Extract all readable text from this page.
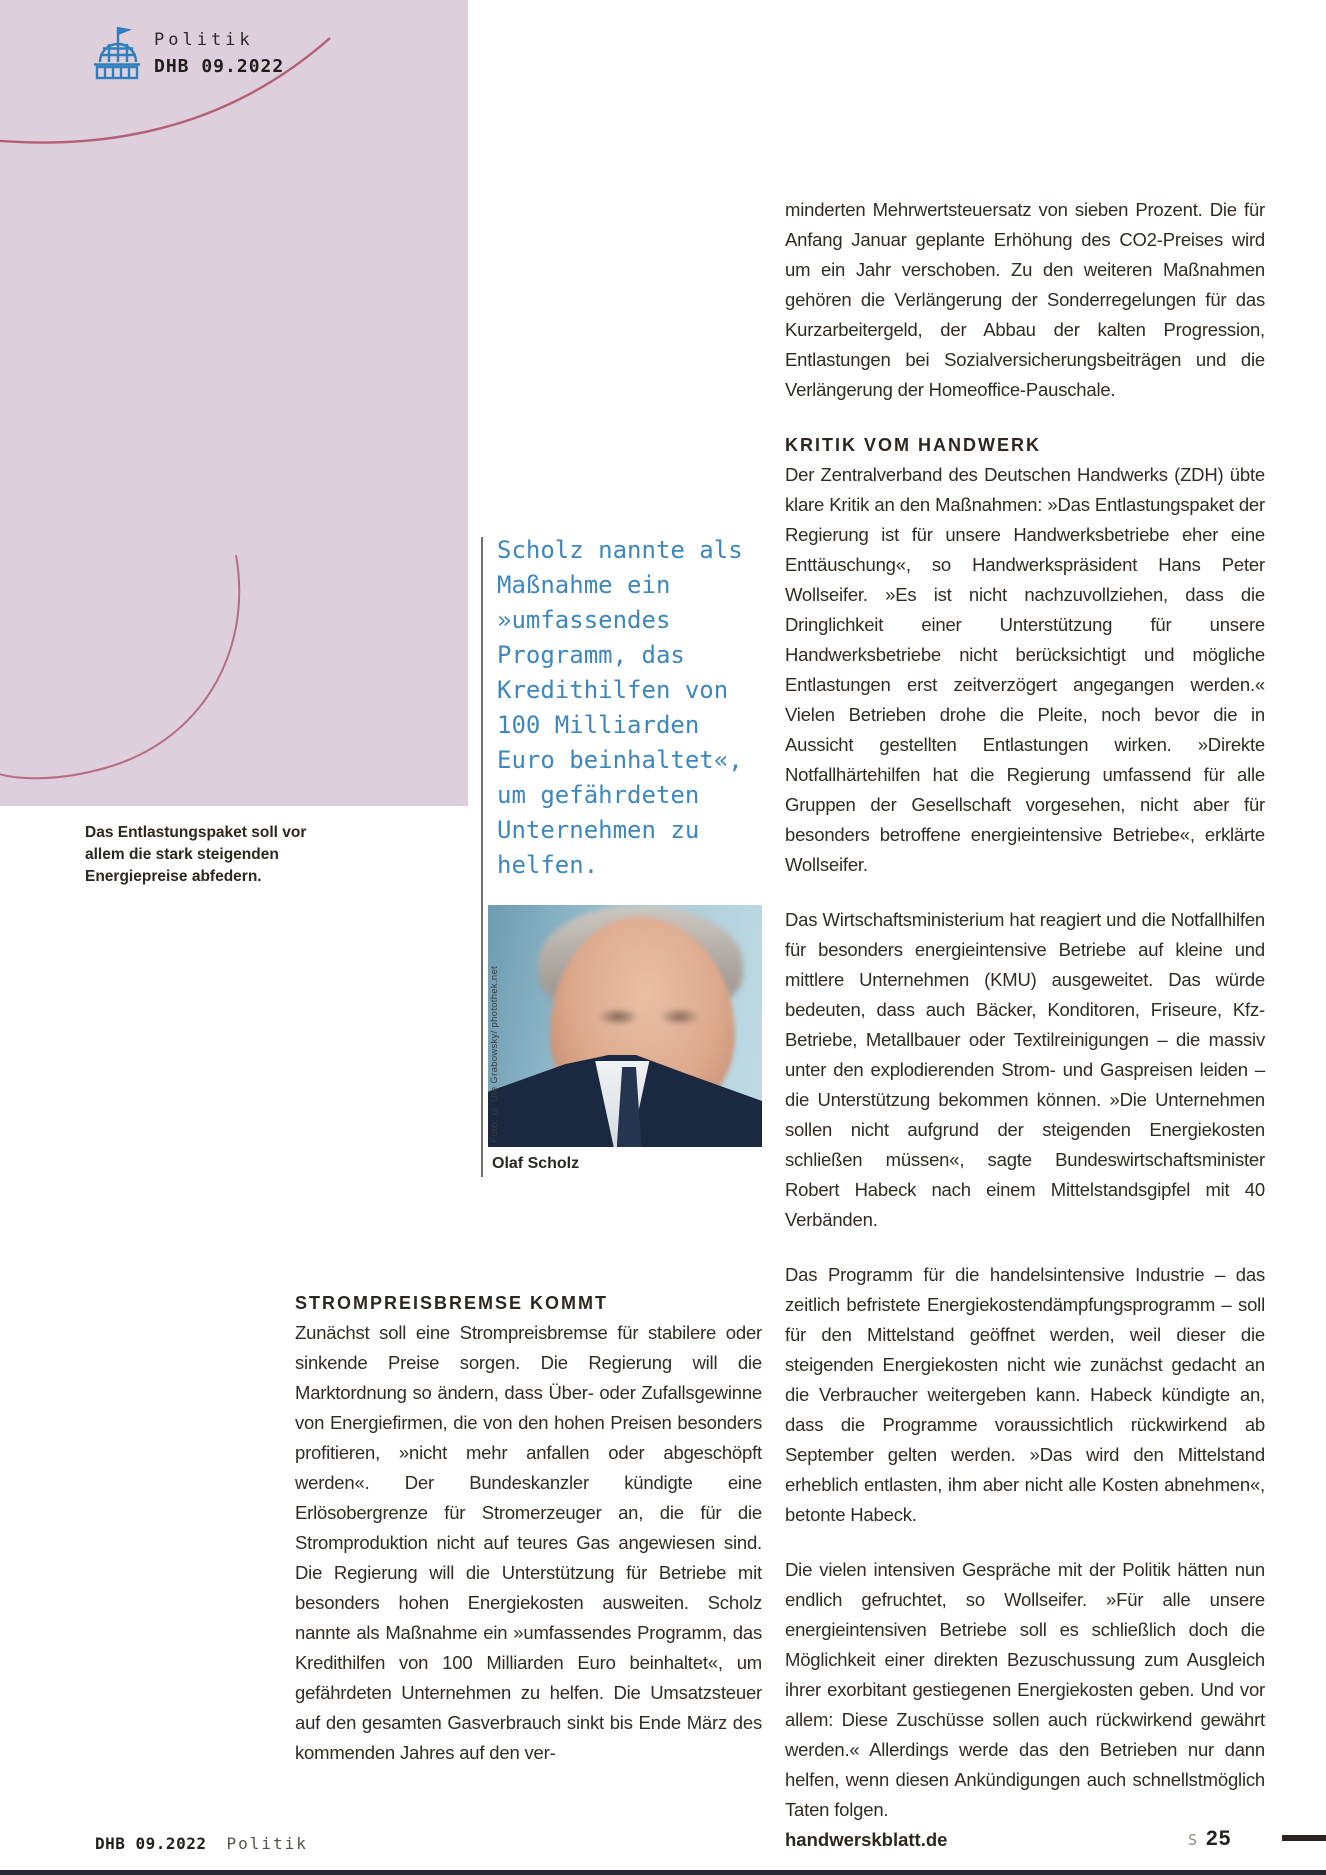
Politik
DHB 09.2022
Das Entlastungspaket soll vor allem die stark steigenden Energiepreise abfedern.
Scholz nannte als Maßnahme ein »umfassendes Programm, das Kredithilfen von 100 Milliarden Euro beinhaltet«, um gefährdeten Unternehmen zu helfen.
Foto: © Ute Grabowsky/ photothek.net
Olaf Scholz
STROMPREISBREMSE KOMMT

Zunächst soll eine Strompreisbremse für stabilere oder sinkende Preise sorgen. Die Regierung will die Marktordnung so ändern, dass Über- oder Zufallsgewinne von Energiefirmen, die von den hohen Preisen besonders profitieren, »nicht mehr anfallen oder abgeschöpft werden«. Der Bundeskanzler kündigte eine Erlösobergrenze für Stromerzeuger an, die für die Stromproduktion nicht auf teures Gas angewiesen sind. Die Regierung will die Unterstützung für Betriebe mit besonders hohen Energiekosten ausweiten. Scholz nannte als Maßnahme ein »umfassendes Programm, das Kredithilfen von 100 Milliarden Euro beinhaltet«, um gefährdeten Unternehmen zu helfen. Die Umsatzsteuer auf den gesamten Gasverbrauch sinkt bis Ende März des kommenden Jahres auf den ver-

minderten Mehrwertsteuersatz von sieben Prozent. Die für Anfang Januar geplante Erhöhung des CO2-Preises wird um ein Jahr verschoben. Zu den weiteren Maßnahmen gehören die Verlängerung der Sonderregelungen für das Kurzarbeitergeld, der Abbau der kalten Progression, Entlastungen bei Sozialversicherungsbeiträgen und die Verlängerung der Homeoffice-Pauschale.

KRITIK VOM HANDWERK

Der Zentralverband des Deutschen Handwerks (ZDH) übte klare Kritik an den Maßnahmen: »Das Entlastungspaket der Regierung ist für unsere Handwerksbetriebe eher eine Enttäuschung«, so Handwerkspräsident Hans Peter Wollseifer. »Es ist nicht nachzuvollziehen, dass die Dringlichkeit einer Unterstützung für unsere Handwerksbetriebe nicht berücksichtigt und mögliche Entlastungen erst zeitverzögert angegangen werden.« Vielen Betrieben drohe die Pleite, noch bevor die in Aussicht gestellten Entlastungen wirken. »Direkte Notfallhärtehilfen hat die Regierung umfassend für alle Gruppen der Gesellschaft vorgesehen, nicht aber für besonders betroffene energieintensive Betriebe«, erklärte Wollseifer.

Das Wirtschaftsministerium hat reagiert und die Notfallhilfen für besonders energieintensive Betriebe auf kleine und mittlere Unternehmen (KMU) ausgeweitet. Das würde bedeuten, dass auch Bäcker, Konditoren, Friseure, Kfz-Betriebe, Metallbauer oder Textilreinigungen – die massiv unter den explodierenden Strom- und Gaspreisen leiden – die Unterstützung bekommen können. »Die Unternehmen sollen nicht aufgrund der steigenden Energiekosten schließen müssen«, sagte Bundeswirtschaftsminister Robert Habeck nach einem Mittelstandsgipfel mit 40 Verbänden.

Das Programm für die handelsintensive Industrie – das zeitlich befristete Energiekostendämpfungsprogramm – soll für den Mittelstand geöffnet werden, weil dieser die steigenden Energiekosten nicht wie zunächst gedacht an die Verbraucher weitergeben kann. Habeck kündigte an, dass die Programme voraussichtlich rückwirkend ab September gelten werden. »Das wird den Mittelstand erheblich entlasten, ihm aber nicht alle Kosten abnehmen«, betonte Habeck.

Die vielen intensiven Gespräche mit der Politik hätten nun endlich gefruchtet, so Wollseifer. »Für alle unsere energieintensiven Betriebe soll es schließlich doch die Möglichkeit einer direkten Bezuschussung zum Ausgleich ihrer exorbitant gestiegenen Energiekosten geben. Und vor allem: Diese Zuschüsse sollen auch rückwirkend gewährt werden.« Allerdings werde das den Betrieben nur dann helfen, wenn diesen Ankündigungen auch schnellstmöglich Taten folgen.

handwerskblatt.de
DHB 09.2022 Politik	S 25
